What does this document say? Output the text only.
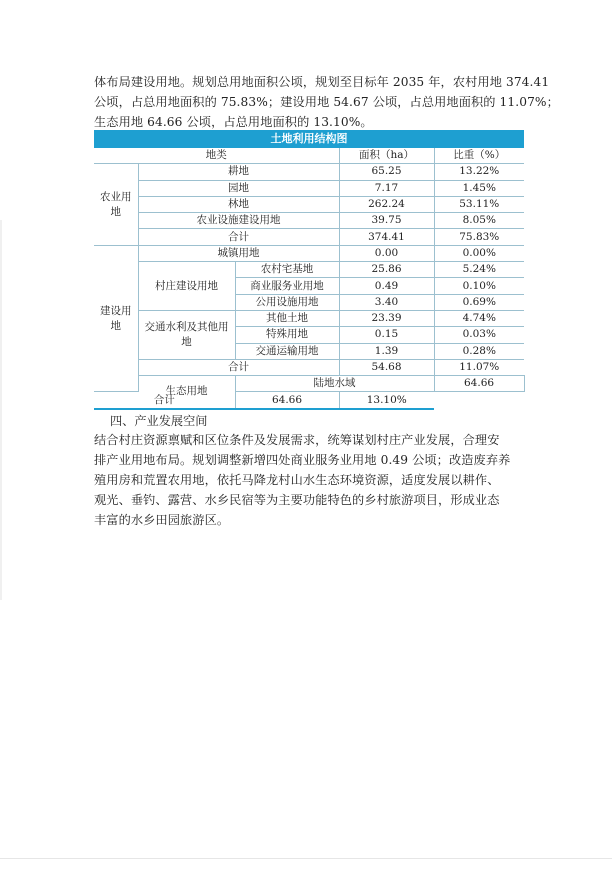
体布局建设用地。规划总用地面积公顷，规划至目标年 2035 年，农村用地 374.41

公顷，占总用地面积的 75.83%；建设用地 54.67 公顷，占总用地面积的 11.07%；

生态用地 64.66 公顷，占总用地面积的 13.10%。

土地利用结构图					
地类			面积（ha）	比重（%）	
农业用地	耕地		65.25	13.22%	
	园地		7.17	1.45%	
	林地		262.24	53.11%	
	农业设施建设用地		39.75	8.05%	
	合计		374.41	75.83%	
建设用地	城镇用地		0.00	0.00%	
	村庄建设用地	农村宅基地	25.86	5.24%	
		商业服务业用地	0.49	0.10%	
		公用设施用地	3.40	0.69%	
	交通水利及其他用地	其他土地	23.39	4.74%	
		特殊用地	0.15	0.03%	
		交通运输用地	1.39	0.28%	
	合计		54.68	11.07%	
	生态用地	陆地水域		64.66	
合计		64.66	13.10%		
四、产业发展空间

结合村庄资源禀赋和区位条件及发展需求，统筹谋划村庄产业发展，合理安

排产业用地布局。规划调整新增四处商业服务业用地 0.49 公顷；改造废弃养

殖用房和荒置农用地，依托马降龙村山水生态环境资源，适度发展以耕作、

观光、垂钓、露营、水乡民宿等为主要功能特色的乡村旅游项目，形成业态

丰富的水乡田园旅游区。
